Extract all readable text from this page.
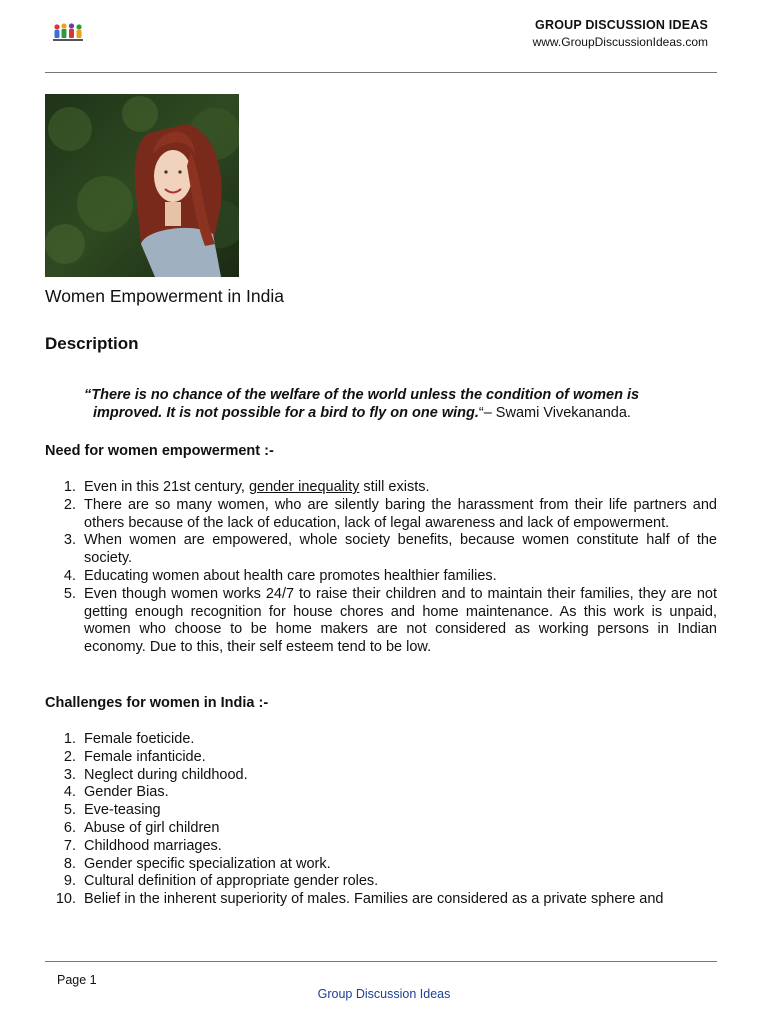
GROUP DISCUSSION IDEAS
www.GroupDiscussionIdeas.com
Women Empowerment in India
Description
“There is no chance of the welfare of the world unless the condition of women is
improved. It is not possible for a bird to fly on one wing.“– Swami Vivekananda.
Need for women empowerment :-
1. Even in this 21st century, gender inequality still exists.
2. There are so many women, who are silently baring the harassment from their life partners and others because of the lack of education, lack of legal awareness and lack of empowerment.
3. When women are empowered, whole society benefits, because women constitute half of the society.
4. Educating women about health care promotes healthier families.
5. Even though women works 24/7 to raise their children and to maintain their families, they are not getting enough recognition for house chores and home maintenance. As this work is unpaid, women who choose to be home makers are not considered as working persons in Indian economy. Due to this, their self esteem tend to be low.
Challenges for women in India :-
1. Female foeticide.
2. Female infanticide.
3. Neglect during childhood.
4. Gender Bias.
5. Eve-teasing
6. Abuse of girl children
7. Childhood marriages.
8. Gender specific specialization at work.
9. Cultural definition of appropriate gender roles.
10. Belief in the inherent superiority of males. Families are considered as a private sphere and
Page 1
Group Discussion Ideas
